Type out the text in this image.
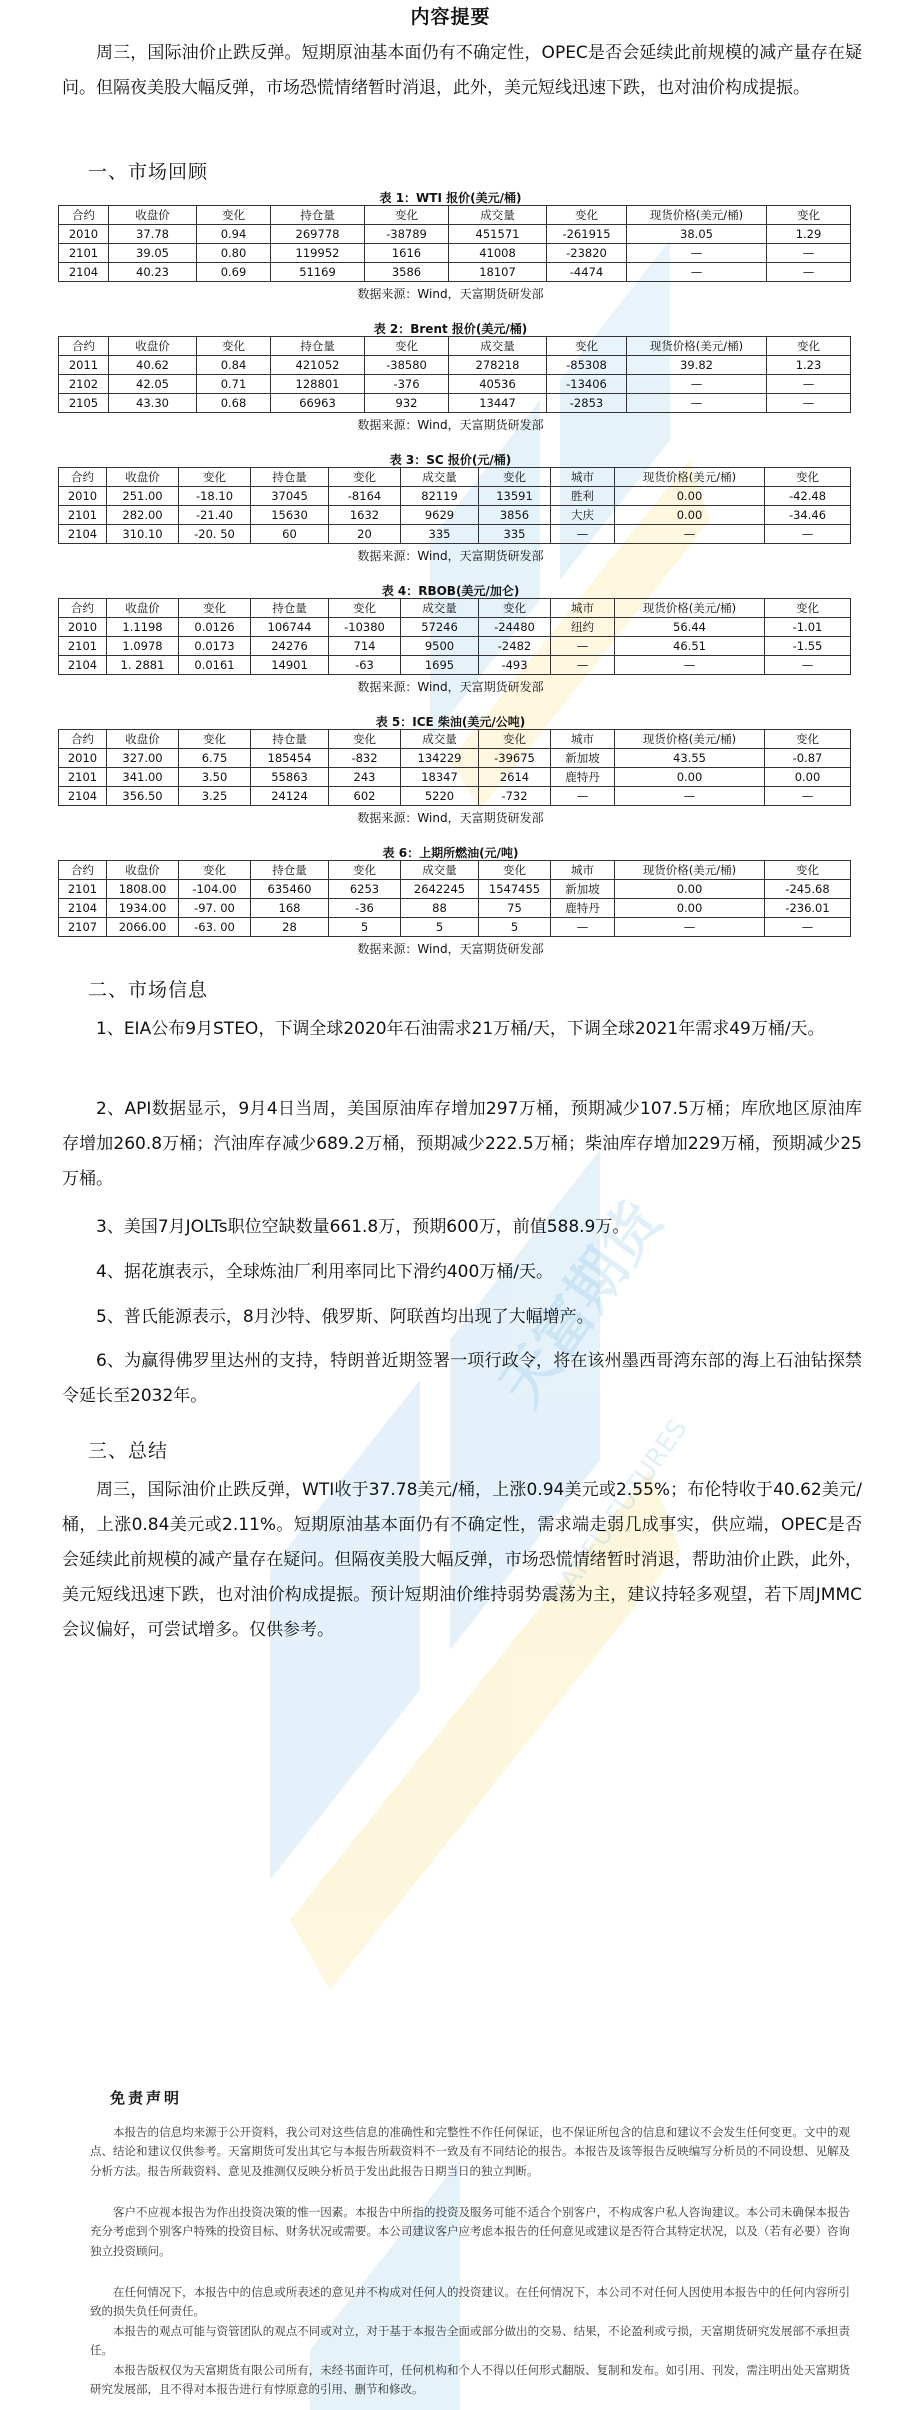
天富期货
TIANFU FUTURES
内容提要
周三，国际油价止跌反弹。短期原油基本面仍有不确定性，OPEC是否会延续此前规模的减产量存在疑问。但隔夜美股大幅反弹，市场恐慌情绪暂时消退，此外，美元短线迅速下跌，也对油价构成提振。
一、市场回顾
表 1：WTI 报价(美元/桶)
合约	收盘价	变化	持仓量	变化	成交量	变化	现货价格(美元/桶)	变化
2010	37.78	0.94	269778	-38789	451571	-261915	38.05	1.29
2101	39.05	0.80	119952	1616	41008	-23820	—	—
2104	40.23	0.69	51169	3586	18107	-4474	—	—
数据来源：Wind，天富期货研发部
表 2：Brent 报价(美元/桶)
合约	收盘价	变化	持仓量	变化	成交量	变化	现货价格(美元/桶)	变化
2011	40.62	0.84	421052	-38580	278218	-85308	39.82	1.23
2102	42.05	0.71	128801	-376	40536	-13406	—	—
2105	43.30	0.68	66963	932	13447	-2853	—	—
数据来源：Wind，天富期货研发部
表 3：SC 报价(元/桶)
合约	收盘价	变化	持仓量	变化	成交量	变化	城市	现货价格(美元/桶)	变化
2010	251.00	-18.10	37045	-8164	82119	13591	胜利	0.00	-42.48
2101	282.00	-21.40	15630	1632	9629	3856	大庆	0.00	-34.46
2104	310.10	-20. 50	60	20	335	335	—	—	—
数据来源：Wind，天富期货研发部
表 4：RBOB(美元/加仑)
合约	收盘价	变化	持仓量	变化	成交量	变化	城市	现货价格(美元/桶)	变化
2010	1.1198	0.0126	106744	-10380	57246	-24480	纽约	56.44	-1.01
2101	1.0978	0.0173	24276	714	9500	-2482	—	46.51	-1.55
2104	1. 2881	0.0161	14901	-63	1695	-493	—	—	—
数据来源：Wind，天富期货研发部
表 5：ICE 柴油(美元/公吨)
合约	收盘价	变化	持仓量	变化	成交量	变化	城市	现货价格(美元/桶)	变化
2010	327.00	6.75	185454	-832	134229	-39675	新加坡	43.55	-0.87
2101	341.00	3.50	55863	243	18347	2614	鹿特丹	0.00	0.00
2104	356.50	3.25	24124	602	5220	-732	—	—	—
数据来源：Wind，天富期货研发部
表 6：上期所燃油(元/吨)
合约	收盘价	变化	持仓量	变化	成交量	变化	城市	现货价格(美元/桶)	变化
2101	1808.00	-104.00	635460	6253	2642245	1547455	新加坡	0.00	-245.68
2104	1934.00	-97. 00	168	-36	88	75	鹿特丹	0.00	-236.01
2107	2066.00	-63. 00	28	5	5	5	—	—	—
数据来源：Wind，天富期货研发部
二、市场信息
1、EIA公布9月STEO，下调全球2020年石油需求21万桶/天，下调全球2021年需求49万桶/天。
2、API数据显示，9月4日当周，美国原油库存增加297万桶，预期减少107.5万桶；库欣地区原油库存增加260.8万桶；汽油库存减少689.2万桶，预期减少222.5万桶；柴油库存增加229万桶，预期减少25万桶。
3、美国7月JOLTs职位空缺数量661.8万，预期600万，前值588.9万。
4、据花旗表示，全球炼油厂利用率同比下滑约400万桶/天。
5、普氏能源表示，8月沙特、俄罗斯、阿联酋均出现了大幅增产。
6、为赢得佛罗里达州的支持，特朗普近期签署一项行政令，将在该州墨西哥湾东部的海上石油钻探禁令延长至2032年。
三、总结
周三，国际油价止跌反弹，WTI收于37.78美元/桶，上涨0.94美元或2.55%；布伦特收于40.62美元/桶，上涨0.84美元或2.11%。短期原油基本面仍有不确定性，需求端走弱几成事实，供应端，OPEC是否会延续此前规模的减产量存在疑问。但隔夜美股大幅反弹，市场恐慌情绪暂时消退，帮助油价止跌，此外，美元短线迅速下跌，也对油价构成提振。预计短期油价维持弱势震荡为主，建议持轻多观望，若下周JMMC会议偏好，可尝试增多。仅供参考。
免责声明
本报告的信息均来源于公开资料，我公司对这些信息的准确性和完整性不作任何保证，也不保证所包含的信息和建议不会发生任何变更。文中的观点、结论和建议仅供参考。天富期货可发出其它与本报告所载资料不一致及有不同结论的报告。本报告及该等报告反映编写分析员的不同设想、见解及分析方法。报告所载资料、意见及推测仅反映分析员于发出此报告日期当日的独立判断。
客户不应视本报告为作出投资决策的惟一因素。本报告中所指的投资及服务可能不适合个别客户，不构成客户私人咨询建议。本公司未确保本报告充分考虑到个别客户特殊的投资目标、财务状况或需要。本公司建议客户应考虑本报告的任何意见或建议是否符合其特定状况，以及（若有必要）咨询独立投资顾问。
在任何情况下，本报告中的信息或所表述的意见并不构成对任何人的投资建议。在任何情况下，本公司不对任何人因使用本报告中的任何内容所引致的损失负任何责任。
本报告的观点可能与资管团队的观点不同或对立，对于基于本报告全面或部分做出的交易、结果，不论盈利或亏损，天富期货研究发展部不承担责任。
本报告版权仅为天富期货有限公司所有，未经书面许可，任何机构和个人不得以任何形式翻版、复制和发布。如引用、刊发，需注明出处天富期货研究发展部，且不得对本报告进行有悖原意的引用、删节和修改。
